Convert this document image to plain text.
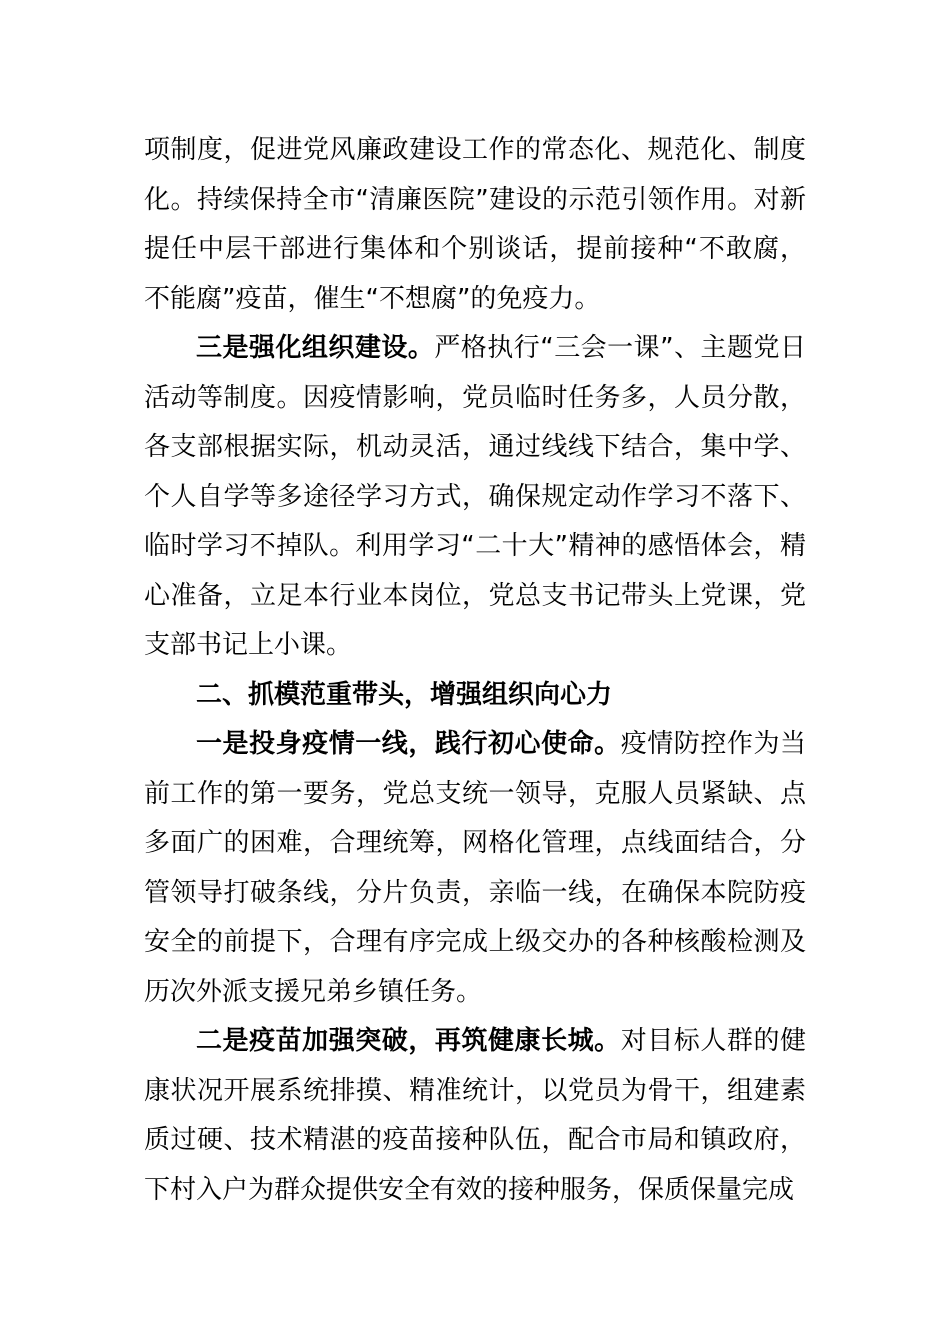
项制度，促进党风廉政建设工作的常态化、规范化、制度化。持续保持全市“清廉医院”建设的示范引领作用。对新提任中层干部进行集体和个别谈话，提前接种“不敢腐，不能腐”疫苗，催生“不想腐”的免疫力。

三是强化组织建设。严格执行“三会一课”、主题党日活动等制度。因疫情影响，党员临时任务多，人员分散，各支部根据实际，机动灵活，通过线线下结合，集中学、个人自学等多途径学习方式，确保规定动作学习不落下、临时学习不掉队。利用学习“二十大”精神的感悟体会，精心准备，立足本行业本岗位，党总支书记带头上党课，党支部书记上小课。

二、抓模范重带头，增强组织向心力

一是投身疫情一线，践行初心使命。疫情防控作为当前工作的第一要务，党总支统一领导，克服人员紧缺、点多面广的困难，合理统筹，网格化管理，点线面结合，分管领导打破条线，分片负责，亲临一线，在确保本院防疫安全的前提下，合理有序完成上级交办的各种核酸检测及历次外派支援兄弟乡镇任务。

二是疫苗加强突破，再筑健康长城。对目标人群的健康状况开展系统排摸、精准统计，以党员为骨干，组建素质过硬、技术精湛的疫苗接种队伍，配合市局和镇政府，下村入户为群众提供安全有效的接种服务，保质保量完成
